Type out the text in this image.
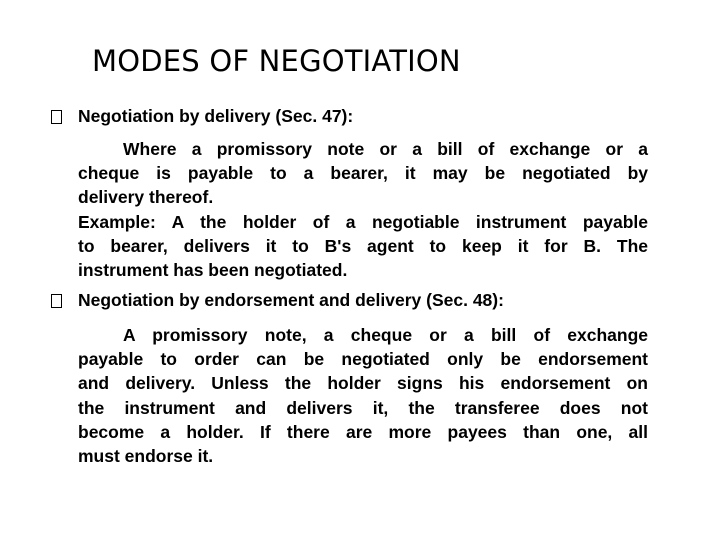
MODES OF NEGOTIATION
Negotiation by delivery (Sec. 47):
Where a promissory note or a bill of exchange or a
cheque is payable to a bearer, it may be negotiated by
delivery thereof.
Example: A the holder of a negotiable instrument payable
to bearer, delivers it to B's agent to keep it for B. The
instrument has been negotiated.
Negotiation by endorsement and delivery (Sec. 48):
A promissory note, a cheque or a bill of exchange
payable to order can be negotiated only be endorsement
and delivery. Unless the holder signs his endorsement on
the instrument and delivers it, the transferee does not
become a holder. If there are more payees than one, all
must endorse it.
